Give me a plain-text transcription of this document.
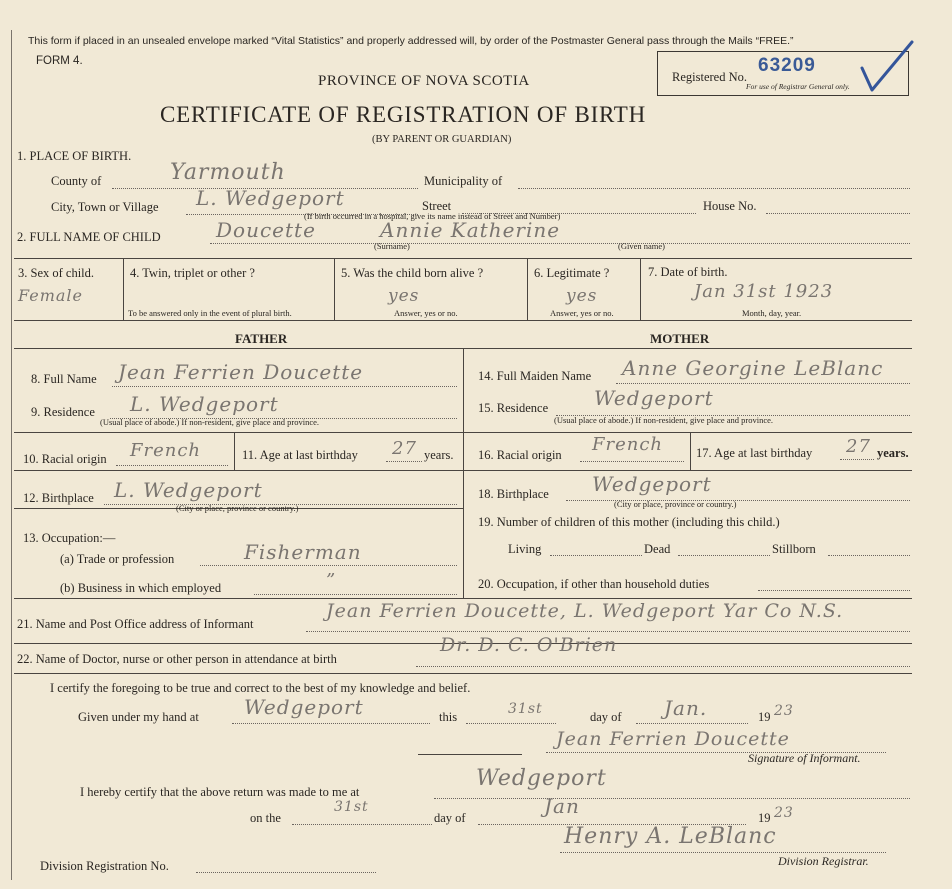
This form if placed in an unsealed envelope marked “Vital Statistics” and properly addressed will, by order of the Postmaster General pass through the Mails “FREE.”
FORM 4.
PROVINCE OF NOVA SCOTIA
CERTIFICATE OF REGISTRATION OF BIRTH
(BY PARENT OR GUARDIAN)
Registered No.
63209
For use of Registrar General only.
1. PLACE OF BIRTH.
County of	Yarmouth	Municipality of
City, Town or Village L. Wedgeport	Street	House No.
(If birth occurred in a hospital, give its name instead of Street and Number)
2. FULL NAME OF CHILD	Doucette	Annie Katherine
(Surname)	(Given name)
3. Sex of child.
Female
4. Twin, triplet or other ?
To be answered only in the event of plural birth.
5. Was the child born alive ?
yes
Answer, yes or no.
6. Legitimate ?
yes
Answer, yes or no.
7. Date of birth.
Jan 31st 1923
Month, day, year.
FATHER	MOTHER
8. Full Name Jean Ferrien Doucette
9. Residence L. Wedgeport
(Usual place of abode.) If non-resident, give place and province.
10. Racial origin French	11. Age at last birthday 27 years.
12. Birthplace L. Wedgeport
(City or place, province or country.)
13. Occupation:—
(a) Trade or profession	Fisherman
(b) Business in which employed	”
14. Full Maiden Name Anne Georgine LeBlanc
15. Residence Wedgeport
(Usual place of abode.) If non-resident, give place and province.
16. Racial origin French	17. Age at last birthday 27 years.
18. Birthplace Wedgeport
(City or place, province or country.)
19. Number of children of this mother (including this child.)
Living	Dead	Stillborn
20. Occupation, if other than household duties
21. Name and Post Office address of Informant
Jean Ferrien Doucette, L. Wedgeport Yar Co N.S.
22. Name of Doctor, nurse or other person in attendance at birth
Dr. D. C. O'Brien
I certify the foregoing to be true and correct to the best of my knowledge and belief.
Given under my hand at Wedgeport	this	31st	day of Jan.	19 23
Jean Ferrien Doucette
Signature of Informant.
I hereby certify that the above return was made to me at
Wedgeport
on the
31st
day of	Jan	19 23
Henry A. LeBlanc
Division Registrar.
Division Registration No.
